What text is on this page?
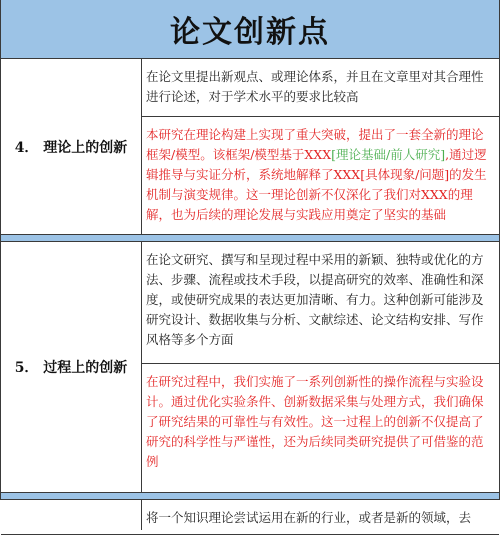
论文创新点
4． 理论上的创新
在论文里提出新观点、或理论体系，并且在文章里对其合理性进行论述，对于学术水平的要求比较高
本研究在理论构建上实现了重大突破，提出了一套全新的理论框架/模型。该框架/模型基于XXX[理论基础/前人研究],通过逻辑推导与实证分析，系统地解释了XXX[具体现象/问题]的发生机制与演变规律。这一理论创新不仅深化了我们对XXX的理解，也为后续的理论发展与实践应用奠定了坚实的基础
5． 过程上的创新
在论文研究、撰写和呈现过程中采用的新颖、独特或优化的方法、步骤、流程或技术手段，以提高研究的效率、准确性和深度，或使研究成果的表达更加清晰、有力。这种创新可能涉及研究设计、数据收集与分析、文献综述、论文结构安排、写作风格等多个方面
在研究过程中，我们实施了一系列创新性的操作流程与实验设计。通过优化实验条件、创新数据采集与处理方式，我们确保了研究结果的可靠性与有效性。这一过程上的创新不仅提高了研究的科学性与严谨性，还为后续同类研究提供了可借鉴的范例
将一个知识理论尝试运用在新的行业，或者是新的领域，去
